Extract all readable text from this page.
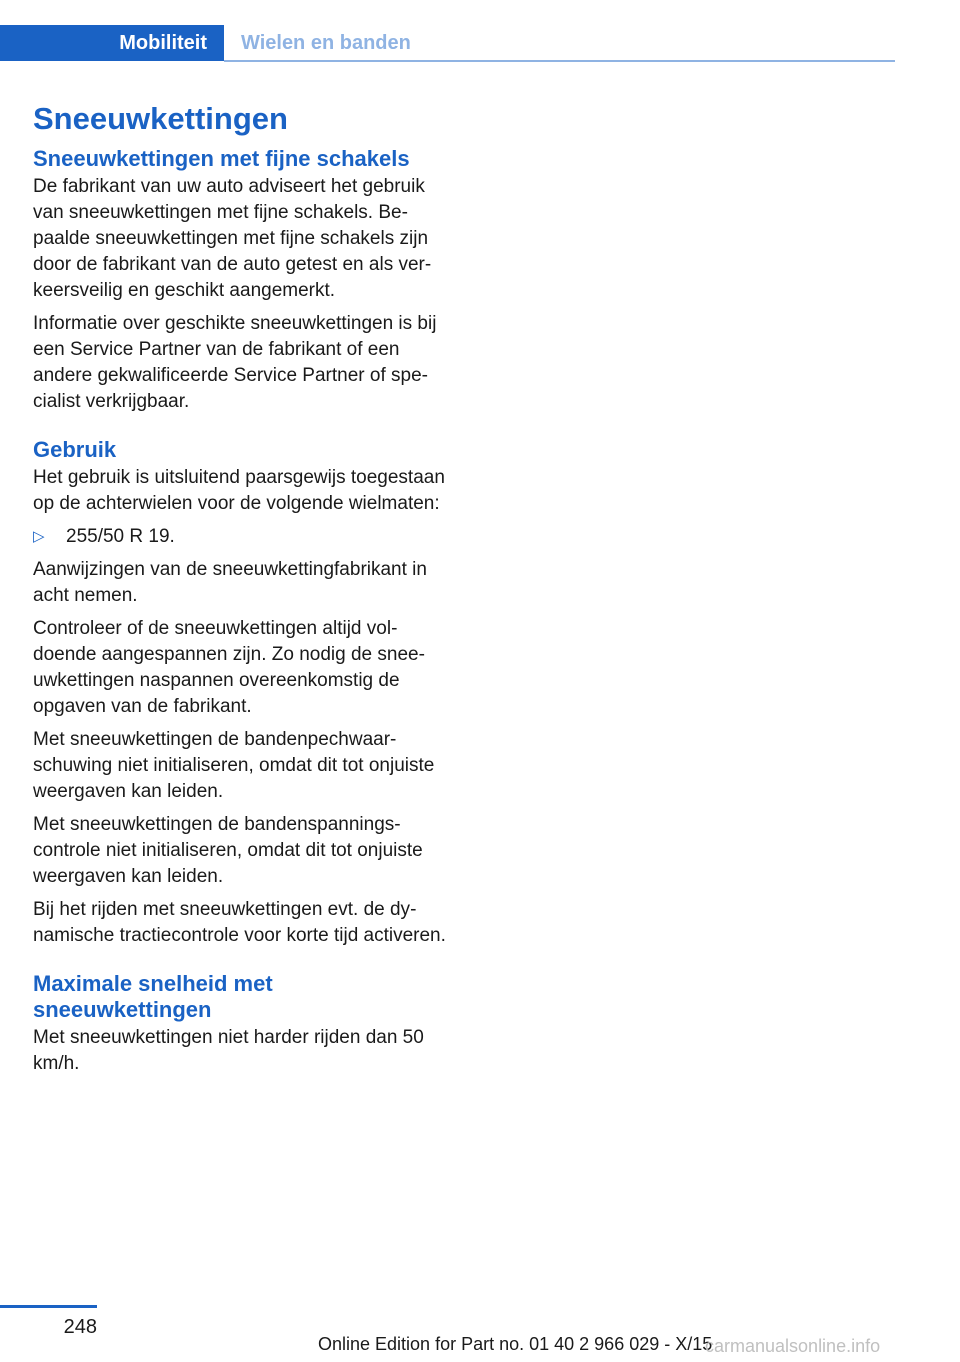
Mobiliteit	Wielen en banden
Sneeuwkettingen
Sneeuwkettingen met fijne schakels

De fabrikant van uw auto adviseert het gebruik van sneeuwkettingen met fijne schakels. Bepaalde sneeuwkettingen met fijne schakels zijn door de fabrikant van de auto getest en als verkeersveilig en geschikt aangemerkt.

Informatie over geschikte sneeuwkettingen is bij een Service Partner van de fabrikant of een andere gekwalificeerde Service Partner of specialist verkrijgbaar.

Gebruik

Het gebruik is uitsluitend paarsgewijs toegestaan op de achterwielen voor de volgende wielmaten:

▷	255/50 R 19.

Aanwijzingen van de sneeuwkettingfabrikant in acht nemen.

Controleer of de sneeuwkettingen altijd voldoende aangespannen zijn. Zo nodig de sneeuwkettingen naspannen overeenkomstig de opgaven van de fabrikant.

Met sneeuwkettingen de bandenpechwaarschuwing niet initialiseren, omdat dit tot onjuiste weergaven kan leiden.

Met sneeuwkettingen de bandenspanningscontrole niet initialiseren, omdat dit tot onjuiste weergaven kan leiden.

Bij het rijden met sneeuwkettingen evt. de dynamische tractiecontrole voor korte tijd activeren.

Maximale snelheid met sneeuwkettingen

Met sneeuwkettingen niet harder rijden dan 50 km/h.

248
Online Edition for Part no. 01 40 2 966 029 - X/15
carmanualsonline.info
